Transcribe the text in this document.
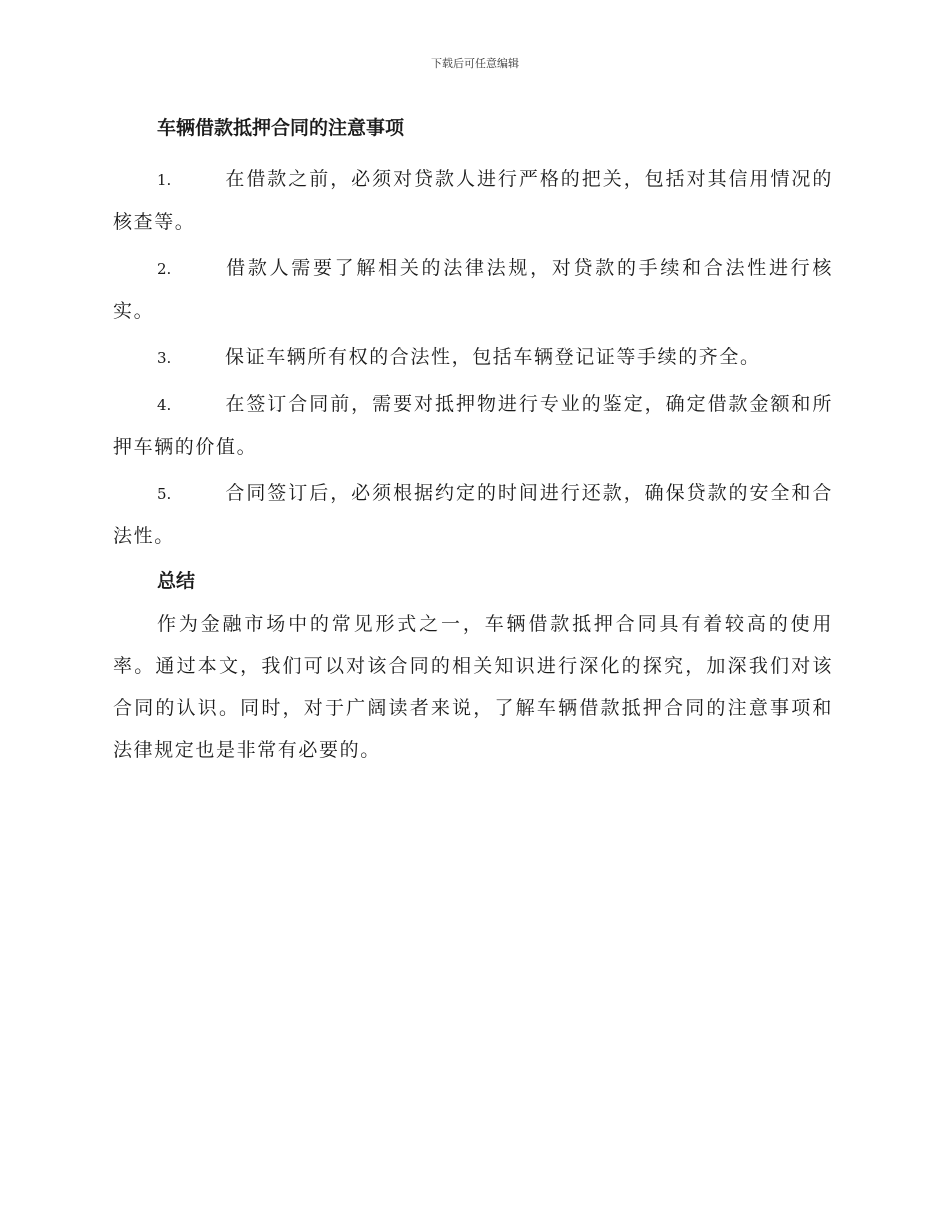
下载后可任意编辑
车辆借款抵押合同的注意事项
1.	在借款之前，必须对贷款人进行严格的把关，包括对其信用情况的核查等。
2.	借款人需要了解相关的法律法规，对贷款的手续和合法性进行核实。
3.	保证车辆所有权的合法性，包括车辆登记证等手续的齐全。
4.	在签订合同前，需要对抵押物进行专业的鉴定，确定借款金额和所押车辆的价值。
5.	合同签订后，必须根据约定的时间进行还款，确保贷款的安全和合法性。
总结

作为金融市场中的常见形式之一，车辆借款抵押合同具有着较高的使用率。通过本文，我们可以对该合同的相关知识进行深化的探究，加深我们对该合同的认识。同时，对于广阔读者来说，了解车辆借款抵押合同的注意事项和法律规定也是非常有必要的。
